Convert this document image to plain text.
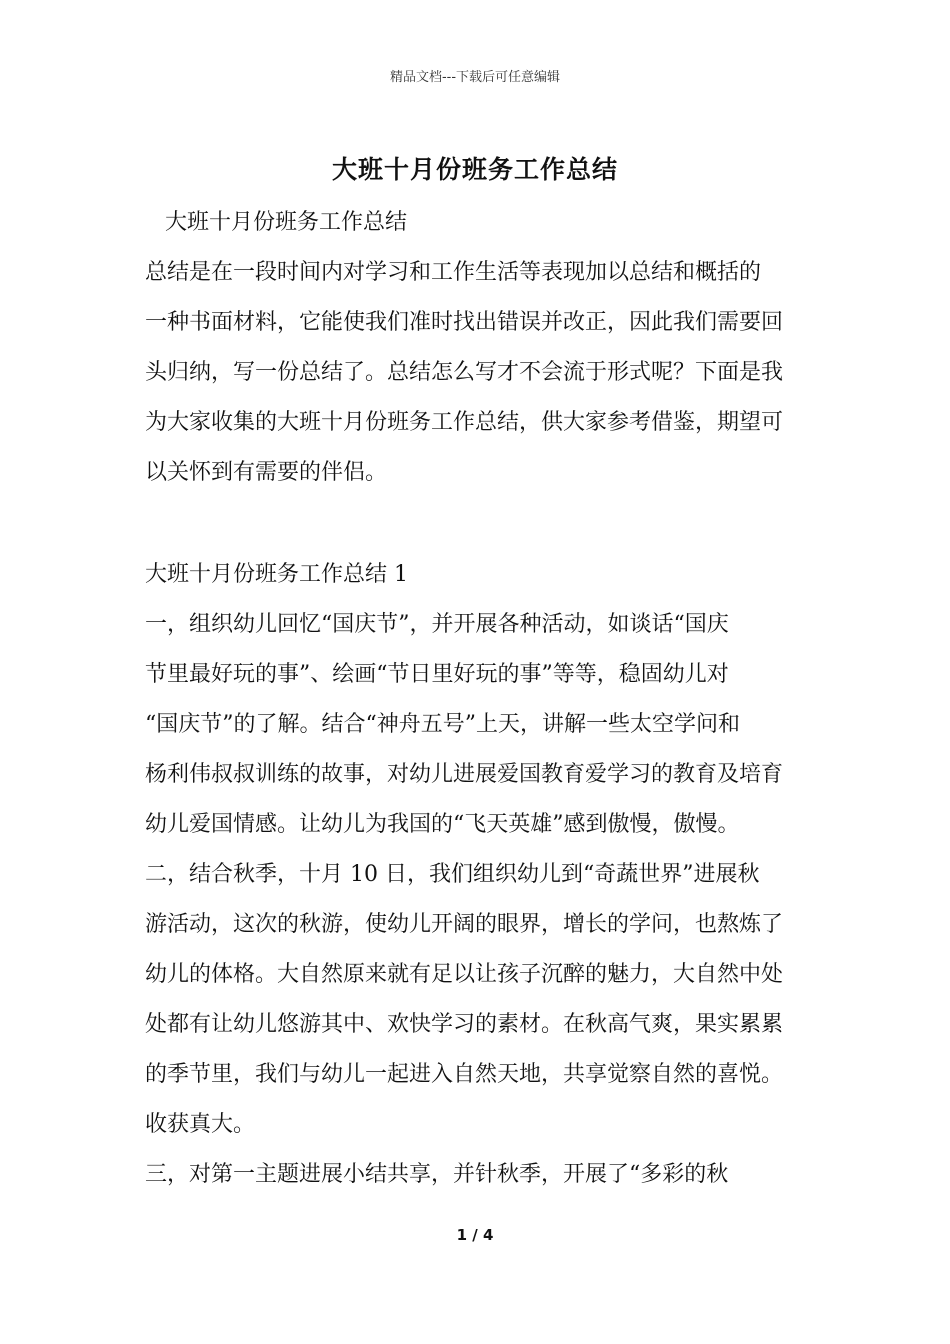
精品文档---下载后可任意编辑
大班十月份班务工作总结
大班十月份班务工作总结
总结是在一段时间内对学习和工作生活等表现加以总结和概括的
一种书面材料，它能使我们准时找出错误并改正，因此我们需要回
头归纳，写一份总结了。总结怎么写才不会流于形式呢？下面是我
为大家收集的大班十月份班务工作总结，供大家参考借鉴，期望可
以关怀到有需要的伴侣。
大班十月份班务工作总结 1
一，组织幼儿回忆“国庆节”，并开展各种活动，如谈话“国庆
节里最好玩的事”、绘画“节日里好玩的事”等等，稳固幼儿对
“国庆节”的了解。结合“神舟五号”上天，讲解一些太空学问和
杨利伟叔叔训练的故事，对幼儿进展爱国教育爱学习的教育及培育
幼儿爱国情感。让幼儿为我国的“飞天英雄”感到傲慢，傲慢。
二，结合秋季，十月 10 日，我们组织幼儿到“奇蔬世界”进展秋
游活动，这次的秋游，使幼儿开阔的眼界，增长的学问，也熬炼了
幼儿的体格。大自然原来就有足以让孩子沉醉的魅力，大自然中处
处都有让幼儿悠游其中、欢快学习的素材。在秋高气爽，果实累累
的季节里，我们与幼儿一起进入自然天地，共享觉察自然的喜悦。
收获真大。
三，对第一主题进展小结共享，并针秋季，开展了“多彩的秋
1 / 4
